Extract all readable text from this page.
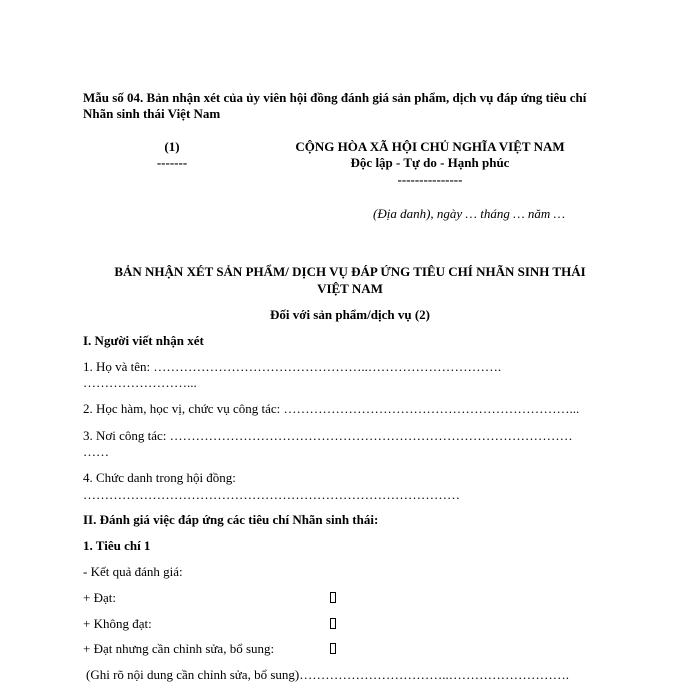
Mẫu số 04. Bản nhận xét của ủy viên hội đồng đánh giá sản phẩm, dịch vụ đáp ứng tiêu chí
Nhãn sinh thái Việt Nam
(1)
-------
CỘNG HÒA XÃ HỘI CHỦ NGHĨA VIỆT NAM
Độc lập - Tự do - Hạnh phúc
---------------
(Địa danh), ngày … tháng … năm …
BẢN NHẬN XÉT SẢN PHẨM/ DỊCH VỤ ĐÁP ỨNG TIÊU CHÍ NHÃN SINH THÁI
VIỆT NAM
Đối với sản phẩm/dịch vụ (2)
I. Người viết nhận xét
1. Họ và tên: …………………………………………..………………………….
……………………...
2. Học hàm, học vị, chức vụ công tác: …………………………………………………………...
3. Nơi công tác: …………………………………………………………………………………
……
4. Chức danh trong hội đồng:
……………………………………………………………………………
II. Đánh giá việc đáp ứng các tiêu chí Nhãn sinh thái:
1. Tiêu chí 1
- Kết quả đánh giá:
+ Đạt:
+ Không đạt:
+ Đạt nhưng cần chỉnh sửa, bổ sung:
(Ghi rõ nội dung cần chỉnh sửa, bổ sung)……………………………..……………………….
